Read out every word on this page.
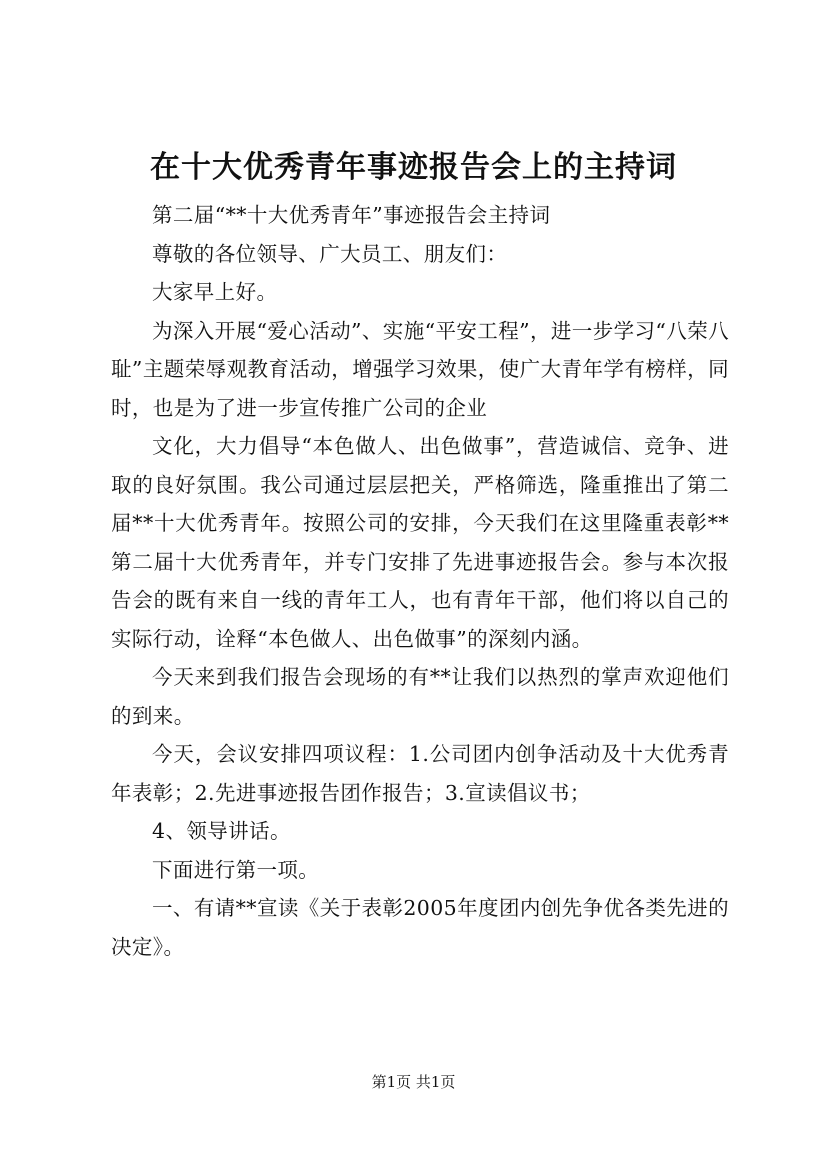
在十大优秀青年事迹报告会上的主持词

第二届“**十大优秀青年”事迹报告会主持词

尊敬的各位领导、广大员工、朋友们：

大家早上好。

为深入开展“爱心活动”、实施“平安工程”，进一步学习“八荣八耻”主题荣辱观教育活动，增强学习效果，使广大青年学有榜样，同时，也是为了进一步宣传推广公司的企业

文化，大力倡导“本色做人、出色做事”，营造诚信、竞争、进取的良好氛围。我公司通过层层把关，严格筛选，隆重推出了第二届**十大优秀青年。按照公司的安排，今天我们在这里隆重表彰**第二届十大优秀青年，并专门安排了先进事迹报告会。参与本次报告会的既有来自一线的青年工人，也有青年干部，他们将以自己的实际行动，诠释“本色做人、出色做事”的深刻内涵。

今天来到我们报告会现场的有**让我们以热烈的掌声欢迎他们的到来。

今天，会议安排四项议程：1.公司团内创争活动及十大优秀青年表彰；2.先进事迹报告团作报告；3.宣读倡议书；

4、领导讲话。

下面进行第一项。

一、有请**宣读《关于表彰2005年度团内创先争优各类先进的决定》。

第1页 共1页
